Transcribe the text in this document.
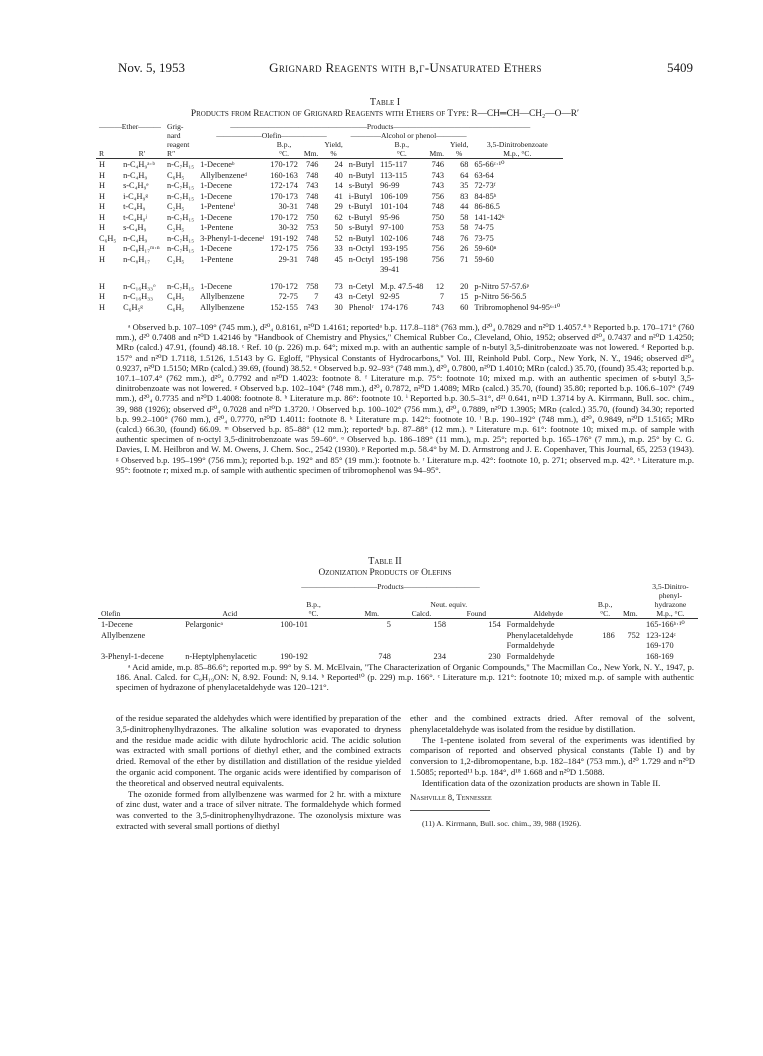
Nov. 5, 1953	Grignard Reagents with β,γ-Unsaturated Ethers	5409
Table I
Products from Reaction of Grignard Reagents with Ethers of Type: R—CH═CH—CH₂—O—R′
———Ether———		Grig-
nard
reagent
R″	——————————————————Products——————————————————								
			——————Olefin——————				————Alcohol or phenol————				
R	R′			B.p.,
°C.	Mm.	Yield,
%		B.p.,
°C.	Mm.	Yield,
%	3,5-Dinitrobenzoate
M.p., °C.

H	n-C₄H₉ᵃ·ᵇ	n-C₇H₁₅	1-Deceneᵇ	170-172	746	24	n-Butyl	115-117	746	68	65-66ᶜ·¹⁰
H	n-C₄H₉	C₆H₅	Allylbenzeneᵈ	160-163	748	40	n-Butyl	113-115	743	64	63-64
H	s-C₄H₉ᵉ	n-C₇H₁₅	1-Decene	172-174	743	14	s-Butyl	96-99	743	35	72-73ᶠ
H	i-C₄H₉ᵍ	n-C₇H₁₅	1-Decene	170-173	748	41	i-Butyl	106-109	756	83	84-85ʰ
H	t-C₄H₉	C₂H₅	1-Penteneⁱ	30-31	748	29	t-Butyl	101-104	748	44	86-86.5
H	t-C₄H₉ʲ	n-C₇H₁₅	1-Decene	170-172	750	62	t-Butyl	95-96	750	58	141-142ᵏ
H	s-C₄H₉	C₂H₅	1-Pentene	30-32	753	50	s-Butyl	97-100	753	58	74-75
C₆H₅	n-C₄H₉	n-C₇H₁₅	3-Phenyl-1-deceneˡ	191-192	748	52	n-Butyl	102-106	748	76	73-75
H	n-C₈H₁₇ᵐ·ⁿ	n-C₇H₁₅	1-Decene	172-175	756	33	n-Octyl	193-195	756	26	59-60ⁿ
H	n-C₈H₁₇	C₂H₅	1-Pentene	29-31	748	45	n-Octyl	195-198	756	71	59-60
								39-41			
H	n-C₁₆H₃₃ᵒ	n-C₇H₁₅	1-Decene	170-172	758	73	n-Cetyl	M.p. 47.5-48	12	20	p-Nitro 57-57.6ᵖ
H	n-C₁₆H₃₃	C₆H₅	Allylbenzene	72-75	7	43	n-Cetyl	92-95	7	15	p-Nitro 56-56.5
H	C₆H₅ᵍ	C₆H₅	Allylbenzene	152-155	743	30	Phenolʳ	174-176	743	60	Tribromophenol 94-95ˢ·¹⁰

ᵃ Observed b.p. 107–109° (745 mm.), d²⁰₄ 0.8161, n²⁰D 1.4161; reportedᵃ b.p. 117.8–118° (763 mm.), d²⁰₄ 0.7829 and n²⁰D 1.4057.⁴ ᵇ Reported b.p. 170–171° (760 mm.), d²⁰ 0.7408 and n²⁰D 1.42146 by "Handbook of Chemistry and Physics," Chemical Rubber Co., Cleveland, Ohio, 1952; observed d²⁰₄ 0.7437 and n²⁰D 1.4250; MRᴅ (calcd.) 47.91, (found) 48.18. ᶜ Ref. 10 (p. 226) m.p. 64°; mixed m.p. with an authentic sample of n-butyl 3,5-dinitrobenzoate was not lowered. ᵈ Reported b.p. 157° and n²⁰D 1.7118, 1.5126, 1.5143 by G. Egloff, "Physical Constants of Hydrocarbons," Vol. III, Reinhold Publ. Corp., New York, N. Y., 1946; observed d²⁰₄ 0.9237, n²⁰D 1.5150; MRᴅ (calcd.) 39.69, (found) 38.52. ᵉ Observed b.p. 92–93° (748 mm.), d²⁰₄ 0.7800, n²⁰D 1.4010; MRᴅ (calcd.) 35.70, (found) 35.43; reported b.p. 107.1–107.4° (762 mm.), d²⁰₄ 0.7792 and n²⁰D 1.4023: footnote 8. ᶠ Literature m.p. 75°: footnote 10; mixed m.p. with an authentic specimen of s-butyl 3,5-dinitrobenzoate was not lowered. ᵍ Observed b.p. 102–104° (748 mm.), d²⁰₄ 0.7872, n²⁰D 1.4089; MRᴅ (calcd.) 35.70, (found) 35.80; reported b.p. 106.6–107° (749 mm.), d²⁰₄ 0.7735 and n²⁰D 1.4008: footnote 8. ʰ Literature m.p. 86°: footnote 10. ⁱ Reported b.p. 30.5–31°, d²¹ 0.641, n²¹D 1.3714 by A. Kirrmann, Bull. soc. chim., 39, 988 (1926); observed d²⁰₄ 0.7028 and n²⁰D 1.3720. ʲ Observed b.p. 100–102° (756 mm.), d²⁰₄ 0.7889, n²⁰D 1.3905; MRᴅ (calcd.) 35.70, (found) 34.30; reported b.p. 99.2–100° (760 mm.), d²⁰₄ 0.7770, n²⁰D 1.4011: footnote 8. ᵏ Literature m.p. 142°: footnote 10. ˡ B.p. 190–192° (748 mm.), d²⁰₄ 0.9849, n²⁰D 1.5165; MRᴅ (calcd.) 66.30, (found) 66.09. ᵐ Observed b.p. 85–88° (12 mm.); reportedᵃ b.p. 87–88° (12 mm.). ⁿ Literature m.p. 61°: footnote 10; mixed m.p. of sample with authentic specimen of n-octyl 3,5-dinitrobenzoate was 59–60°. ᵒ Observed b.p. 186–189° (11 mm.), m.p. 25°; reported b.p. 165–176° (7 mm.), m.p. 25° by C. G. Davies, I. M. Heilbron and W. M. Owens, J. Chem. Soc., 2542 (1930). ᵖ Reported m.p. 58.4° by M. D. Armstrong and J. E. Copenhaver, This Journal, 65, 2253 (1943). ᵍ Observed b.p. 195–199° (756 mm.); reported b.p. 192° and 85° (19 mm.): footnote b. ʳ Literature m.p. 42°: footnote 10, p. 271; observed m.p. 42°. ˢ Literature m.p. 95°: footnote r; mixed m.p. of sample with authentic specimen of tribromophenol was 94–95°.

Table II
Ozonization Products of Olefins
		——————————Products——————————							3,5-Dinitro-
phenyl-
hydrazone
M.p., °C.
		B.p.,
°C.		Neut. equiv.			B.p.,
°C.		
Olefin	Acid		Mm.	Calcd.	Found	Aldehyde		Mm.	

1-Decene	Pelargonicᵃ	100-101	5	158	154	Formaldehyde			165-166ᵇ·¹⁰
Allylbenzene						Phenylacetaldehyde	186	752	123-124ᶜ
						Formaldehyde			169-170
3-Phenyl-1-decene	n-Heptylphenylacetic	190-192	748	234	230	Formaldehyde			168-169

ᵃ Acid amide, m.p. 85–86.6°; reported m.p. 99° by S. M. McElvain, "The Characterization of Organic Compounds," The Macmillan Co., New York, N. Y., 1947, p. 186. Anal. Calcd. for C₉H₁₉ON: N, 8.92. Found: N, 9.14. ᵇ Reported¹⁰ (p. 229) m.p. 166°. ᶜ Literature m.p. 121°: footnote 10; mixed m.p. of sample with authentic specimen of hydrazone of phenylacetaldehyde was 120–121°.

of the residue separated the aldehydes which were identified by preparation of the 3,5-dinitrophenylhydrazones. The alkaline solution was evaporated to dryness and the residue made acidic with dilute hydrochloric acid. The acidic solution was extracted with small portions of diethyl ether, and the combined extracts dried. Removal of the ether by distillation and distillation of the residue yielded the organic acid component. The organic acids were identified by comparison of the theoretical and observed neutral equivalents.

The ozonide formed from allylbenzene was warmed for 2 hr. with a mixture of zinc dust, water and a trace of silver nitrate. The formaldehyde which formed was converted to the 3,5-dinitrophenylhydrazone. The ozonolysis mixture was extracted with several small portions of diethyl

ether and the combined extracts dried. After removal of the solvent, phenylacetaldehyde was isolated from the residue by distillation.

The 1-pentene isolated from several of the experiments was identified by comparison of reported and observed physical constants (Table I) and by conversion to 1,2-dibromopentane, b.p. 182–184° (753 mm.), d²⁰ 1.729 and n²⁰D 1.5085; reported¹¹ b.p. 184°, d¹⁸ 1.668 and n²⁰D 1.5088.

Identification data of the ozonization products are shown in Table II.

Nashville 8, Tennessee

(11) A. Kirrmann, Bull. soc. chim., 39, 988 (1926).
